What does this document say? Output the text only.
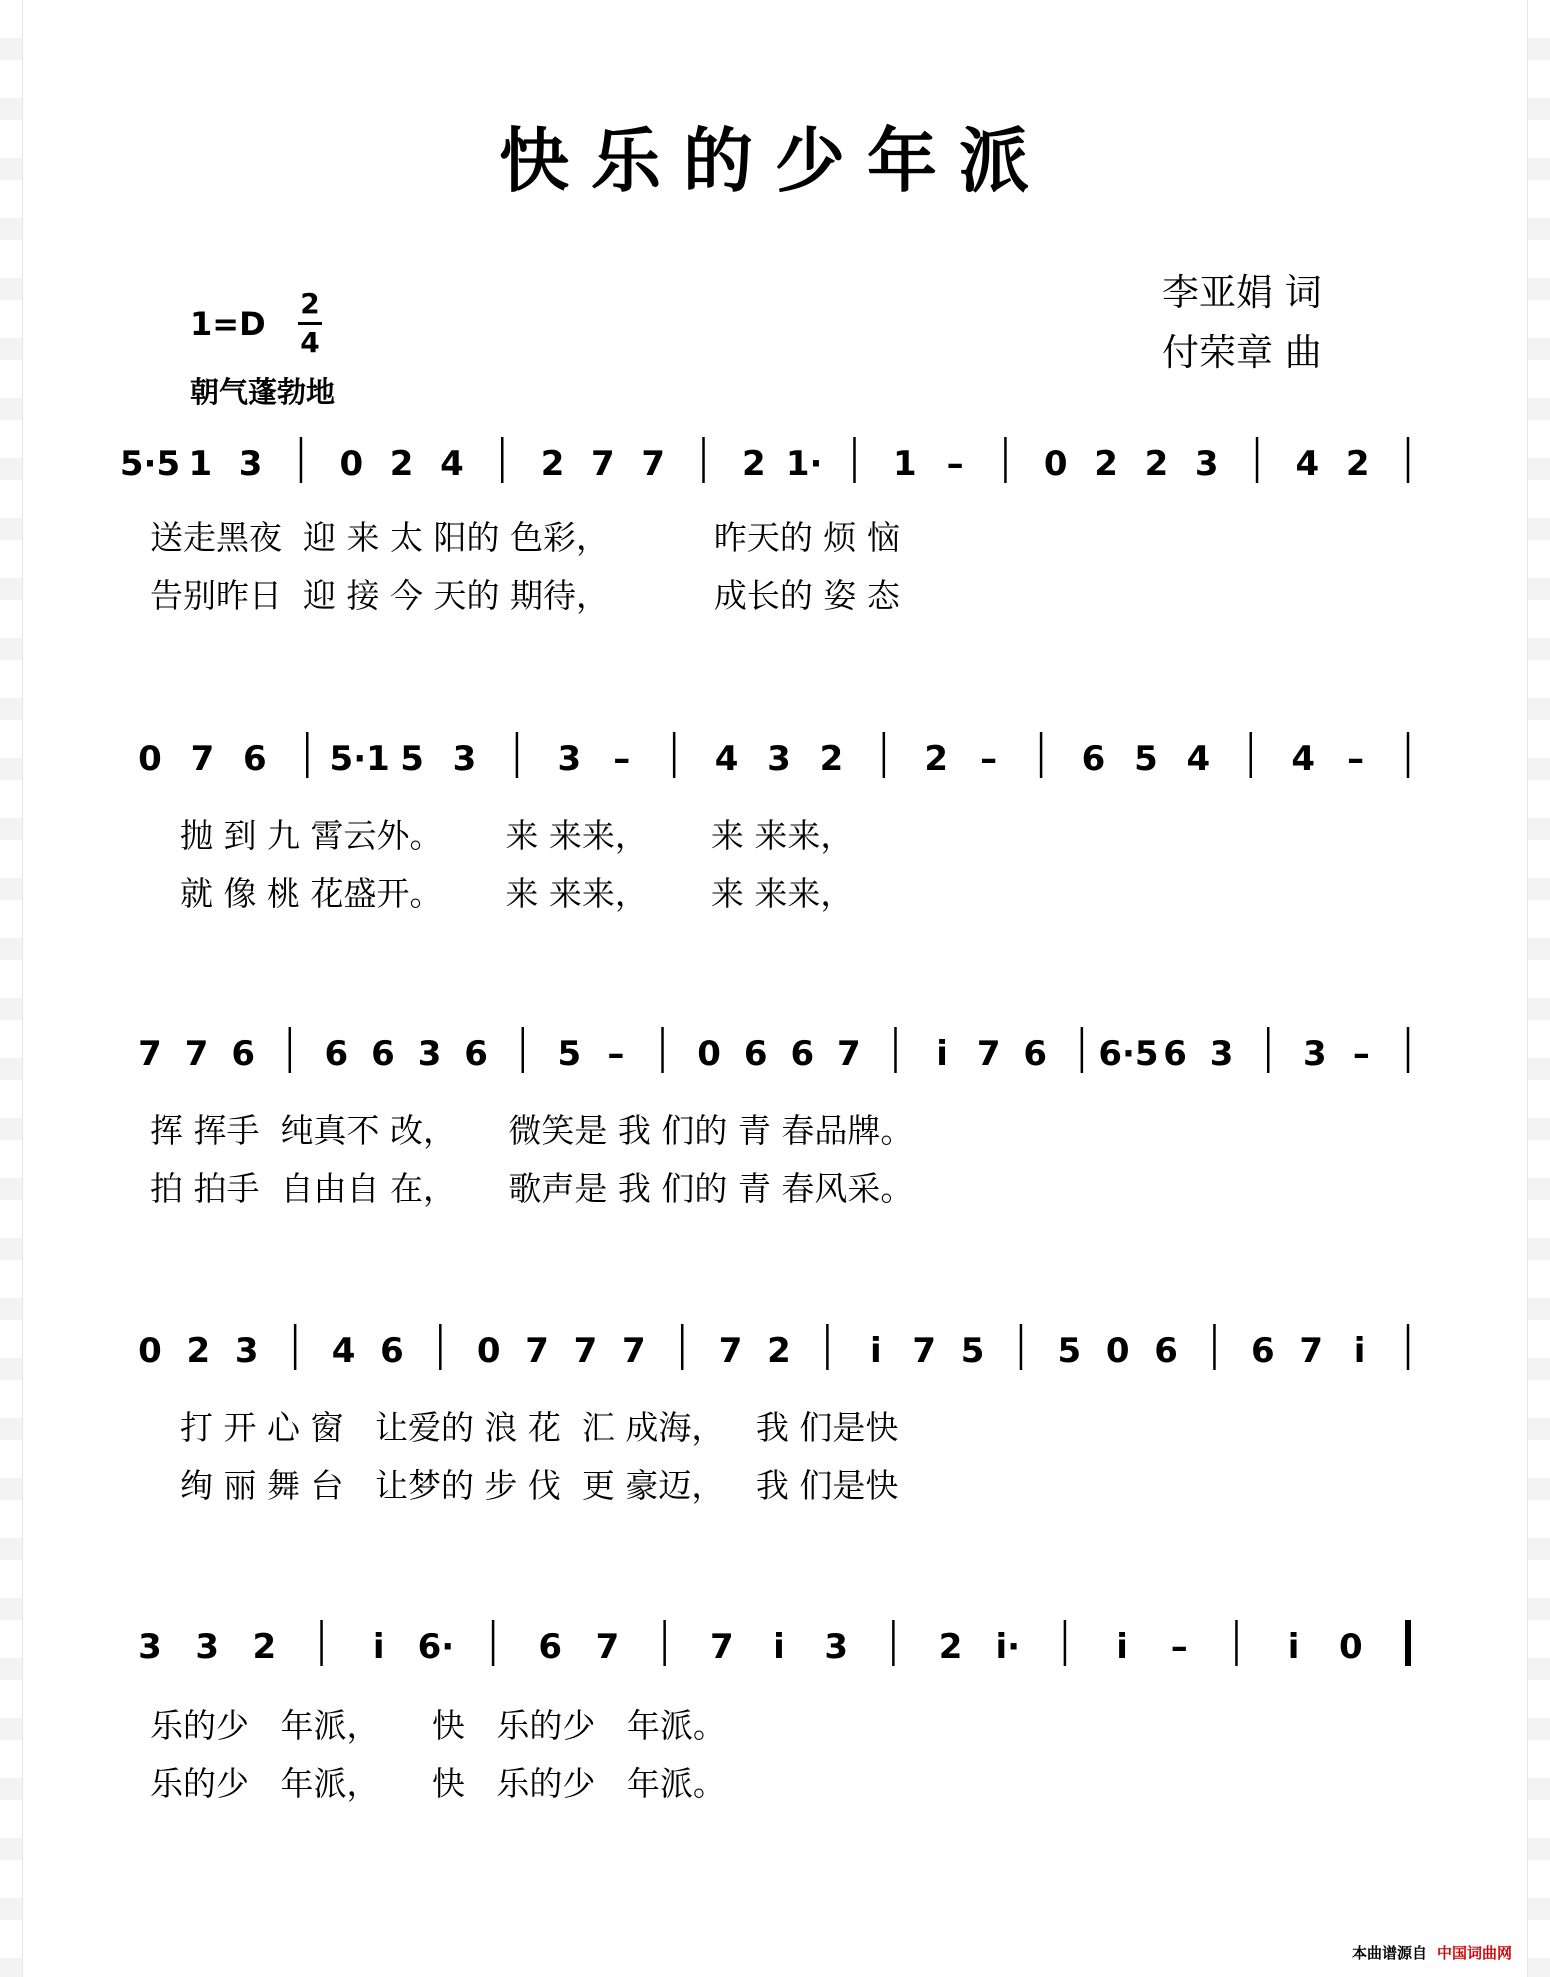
快乐的少年派
李亚娟 词
付荣章 曲
1=D
2
4
朝气蓬勃地
5·5 1 3 0 2 4 2 7 7 2 1· 1 – 0 2 2 3 4 2
0 7 6 5·1 5 3 3 – 4 3 2 2 – 6 5 4 4 –
7 7 6 6 6 3 6 5 – 0 6 6 7 i 7 6 6·5 6 3 3 –
0 2 3 4 6 0 7 7 7 7 2 i 7 5 5 0 6 6 7 i
3 3 2	i 6· 6 7	7 i 3	2 i·	i –	i 0
送走黑夜  迎 来 太 阳的 色彩，          昨天的 烦 恼
告别昨日  迎 接 今 天的 期待，          成长的 姿 态
抛 到 九 霄云外。      来 来来，      来 来来，
就 像 桃 花盛开。      来 来来，      来 来来，
挥 挥手  纯真不 改，     微笑是 我 们的 青 春品牌。
拍 拍手  自由自 在，     歌声是 我 们的 青 春风采。
打 开 心 窗   让爱的 浪 花  汇 成海，   我 们是快
绚 丽 舞 台   让梦的 步 伐  更 豪迈，   我 们是快
乐的少   年派，     快   乐的少   年派。
乐的少   年派，     快   乐的少   年派。
本曲谱源自 中国词曲网
